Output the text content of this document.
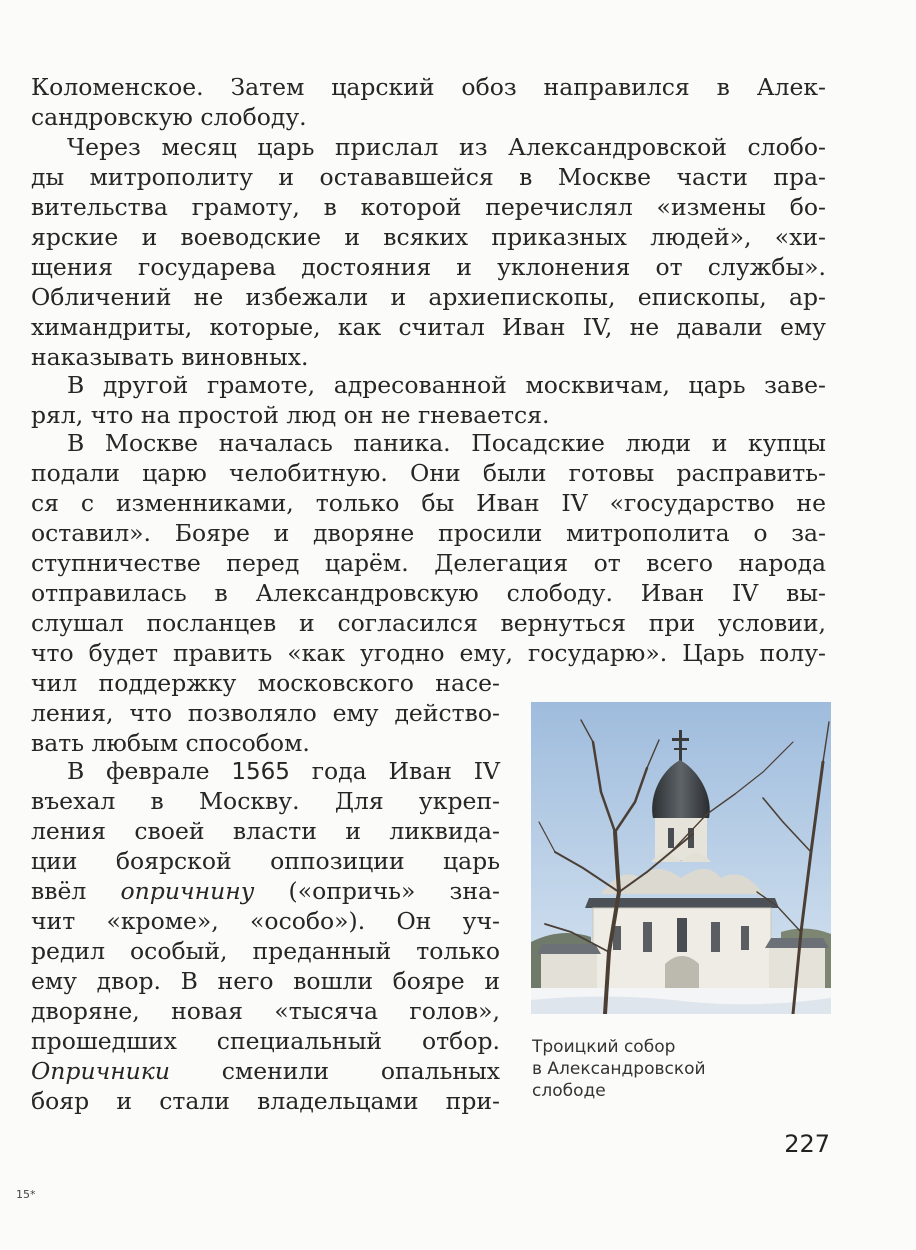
Коломенское. Затем царский обоз направился в Алек-
сандровскую слободу.
Через месяц царь прислал из Александровской слобо-
ды митрополиту и остававшейся в Москве части пра-
вительства грамоту, в которой перечислял «измены бо-
ярские и воеводские и всяких приказных людей», «хи-
щения государева достояния и уклонения от службы».
Обличений не избежали и архиепископы, епископы, ар-
химандриты, которые, как считал Иван IV, не давали ему
наказывать виновных.
В другой грамоте, адресованной москвичам, царь заве-
рял, что на простой люд он не гневается.
В Москве началась паника. Посадские люди и купцы
подали царю челобитную. Они были готовы расправить-
ся с изменниками, только бы Иван IV «государство не
оставил». Бояре и дворяне просили митрополита о за-
ступничестве перед царём. Делегация от всего народа
отправилась в Александровскую слободу. Иван IV вы-
слушал посланцев и согласился вернуться при условии,
что будет править «как угодно ему, государю». Царь полу-
чил поддержку московского насе-
ления, что позволяло ему действо-
вать любым способом.
В феврале 1565 года Иван IV
въехал в Москву. Для укреп-
ления своей власти и ликвида-
ции боярской оппозиции царь
ввёл опричнину («опричь» знa-
чит «кроме», «особо»). Он уч-
редил особый, преданный только
ему двор. В него вошли бояре и
дворяне, новая «тысяча голов»,
прошедших специальный отбор.
Опричники сменили опальных
бояр и стали владельцами при-
Троицкий собор
в Александровской
слободе
227
15*
